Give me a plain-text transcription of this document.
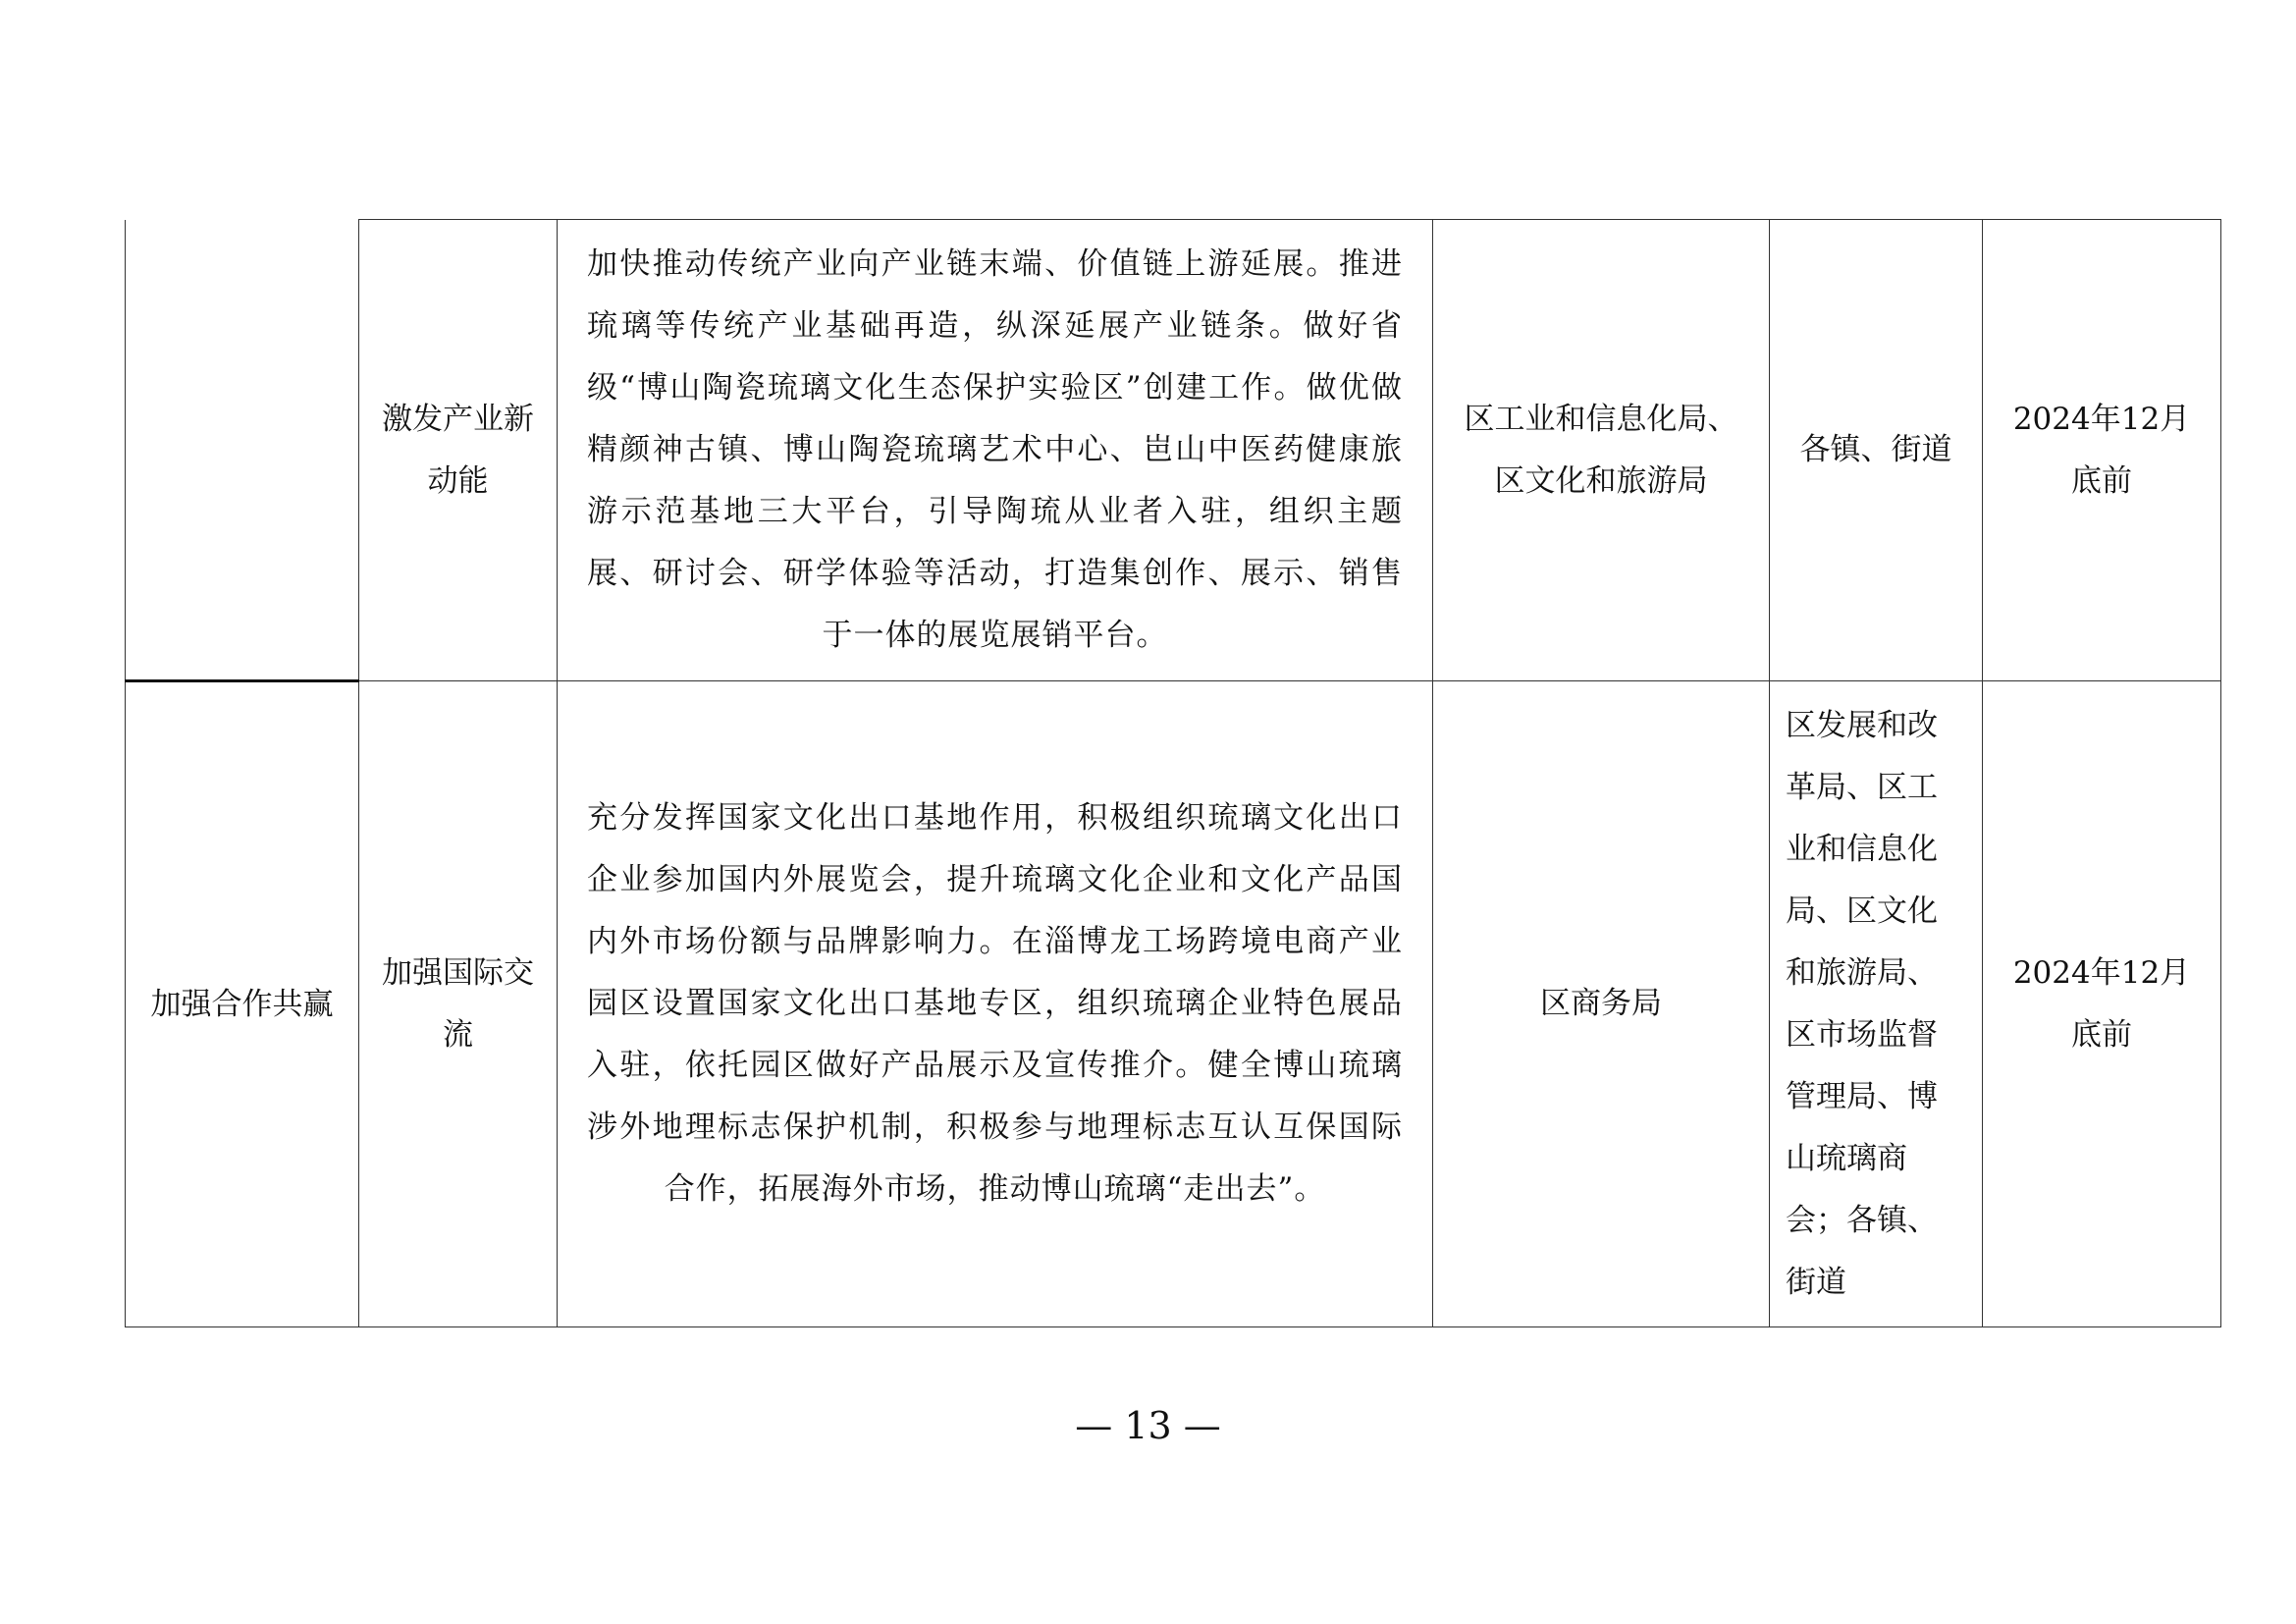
	激发产业新动能	加快推动传统产业向产业链末端、价值链上游延展。推进琉璃等传统产业基础再造，纵深延展产业链条。做好省级“博山陶瓷琉璃文化生态保护实验区”创建工作。做优做精颜神古镇、博山陶瓷琉璃艺术中心、岜山中医药健康旅游示范基地三大平台，引导陶琉从业者入驻，组织主题展、研讨会、研学体验等活动，打造集创作、展示、销售于一体的展览展销平台。	区工业和信息化局、区文化和旅游局	各镇、街道	2024年12月底前

加强合作共赢	加强国际交流	充分发挥国家文化出口基地作用，积极组织琉璃文化出口企业参加国内外展览会，提升琉璃文化企业和文化产品国内外市场份额与品牌影响力。在淄博龙工场跨境电商产业园区设置国家文化出口基地专区，组织琉璃企业特色展品入驻，依托园区做好产品展示及宣传推介。健全博山琉璃涉外地理标志保护机制，积极参与地理标志互认互保国际合作，拓展海外市场，推动博山琉璃“走出去”。	区商务局	区发展和改革局、区工业和信息化局、区文化和旅游局、区市场监督管理局、博山琉璃商会；各镇、街道	2024年12月底前
— 13 —
